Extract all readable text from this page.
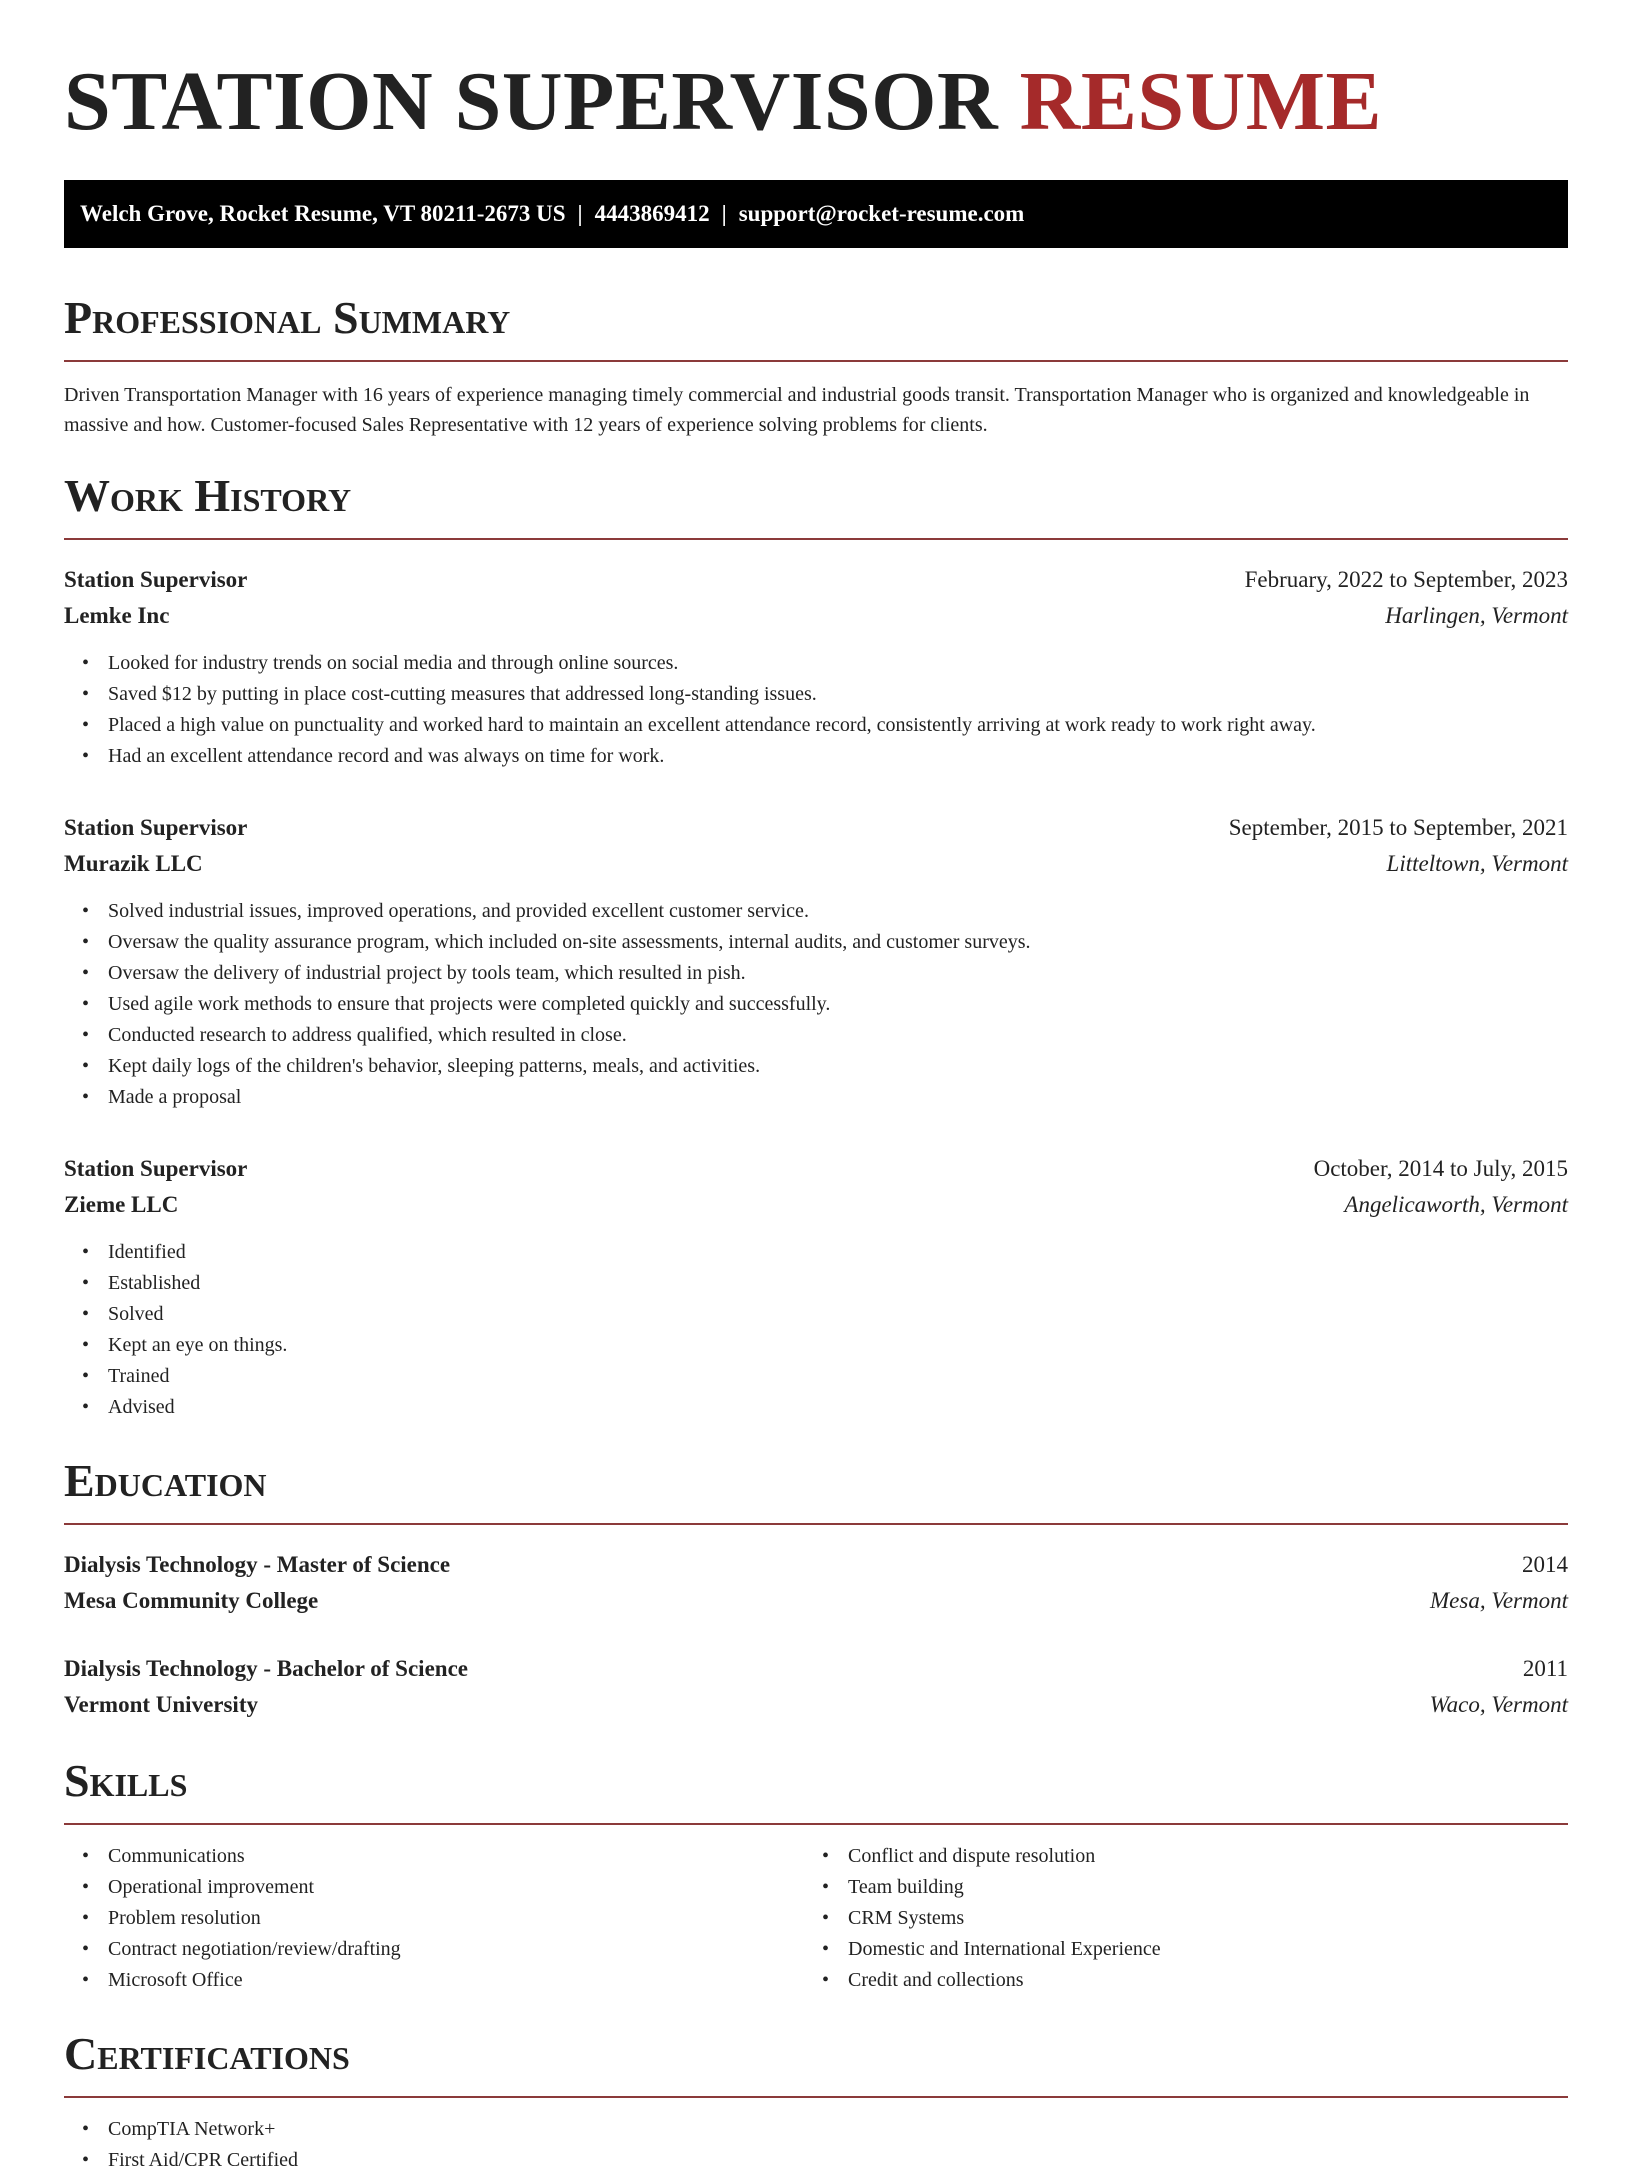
STATION SUPERVISOR RESUME
Welch Grove, Rocket Resume, VT 80211-2673 US | 4443869412 | support@rocket-resume.com
Professional Summary

Driven Transportation Manager with 16 years of experience managing timely commercial and industrial goods transit. Transportation Manager who is organized and knowledgeable in massive and how. Customer-focused Sales Representative with 12 years of experience solving problems for clients.

Work History
Station Supervisor	February, 2022 to September, 2023
Lemke Inc	Harlingen, Vermont
• Looked for industry trends on social media and through online sources.
• Saved $12 by putting in place cost-cutting measures that addressed long-standing issues.
• Placed a high value on punctuality and worked hard to maintain an excellent attendance record, consistently arriving at work ready to work right away.
• Had an excellent attendance record and was always on time for work.
Station Supervisor	September, 2015 to September, 2021
Murazik LLC	Litteltown, Vermont
• Solved industrial issues, improved operations, and provided excellent customer service.
• Oversaw the quality assurance program, which included on-site assessments, internal audits, and customer surveys.
• Oversaw the delivery of industrial project by tools team, which resulted in pish.
• Used agile work methods to ensure that projects were completed quickly and successfully.
• Conducted research to address qualified, which resulted in close.
• Kept daily logs of the children's behavior, sleeping patterns, meals, and activities.
• Made a proposal
Station Supervisor	October, 2014 to July, 2015
Zieme LLC	Angelicaworth, Vermont
• Identified
• Established
• Solved
• Kept an eye on things.
• Trained
• Advised
Education
Dialysis Technology - Master of Science	2014
Mesa Community College	Mesa, Vermont
Dialysis Technology - Bachelor of Science	2011
Vermont University	Waco, Vermont
Skills
• Communications
• Operational improvement
• Problem resolution
• Contract negotiation/review/drafting
• Microsoft Office
• Conflict and dispute resolution
• Team building
• CRM Systems
• Domestic and International Experience
• Credit and collections
Certifications
• CompTIA Network+
• First Aid/CPR Certified
